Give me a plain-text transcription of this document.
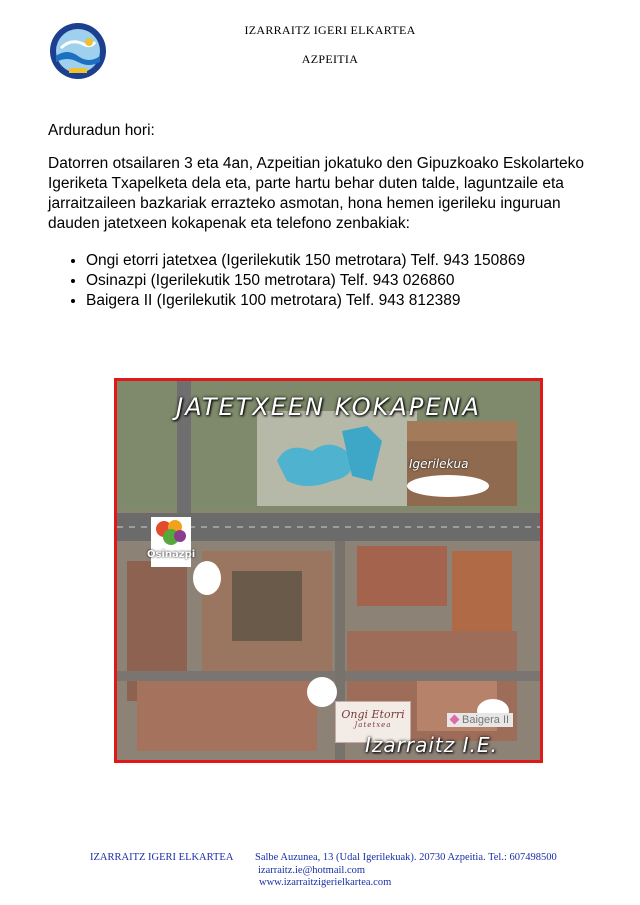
IZARRAITZ IGERI ELKARTEA
AZPEITIA
Arduradun hori:
Datorren otsailaren 3 eta 4an, Azpeitian jokatuko den Gipuzkoako Eskolarteko Igeriketa Txapelketa dela eta, parte hartu behar duten talde, laguntzaile eta jarraitzaileen bazkariak errazteko asmotan, hona hemen igerileku inguruan dauden jatetxeen kokapenak eta telefono zenbakiak:
• Ongi etorri jatetxea (Igerilekutik 150 metrotara) Telf. 943 150869
• Osinazpi (Igerilekutik 150 metrotara) Telf. 943 026860
• Baigera II (Igerilekutik 100 metrotara) Telf. 943 812389
JATETXEEN KOKAPENA
Igerilekua
Osinazpi
Ongi Etorri
Jatetxea	Baigera II
Izarraitz I.E.
IZARRAITZ IGERI ELKARTEA Salbe Auzunea, 13 (Udal Igerilekuak). 20730 Azpeitia. Tel.: 607498500
izarraitz.ie@hotmail.com
www.izarraitzigerielkartea.com
